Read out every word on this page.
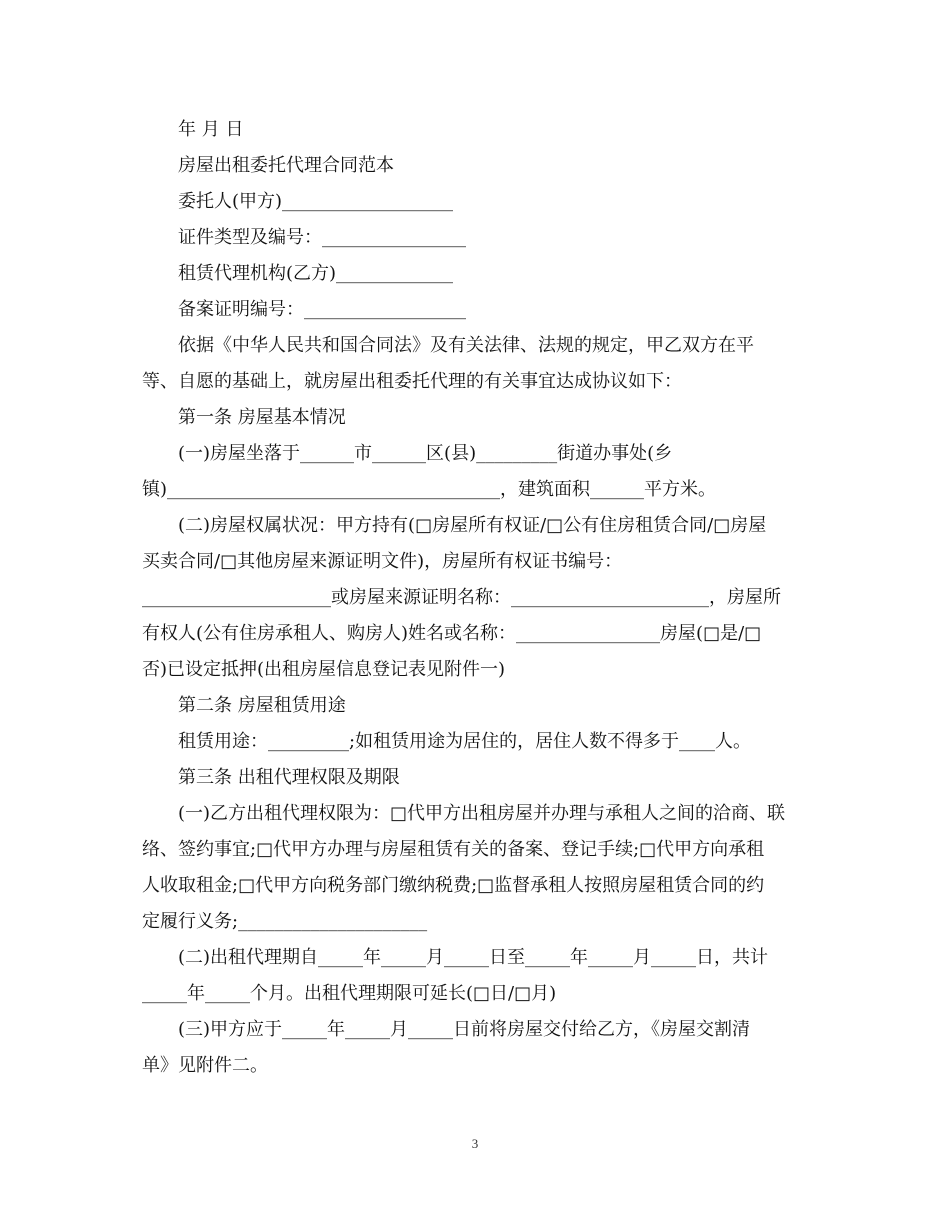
年 月 日

房屋出租委托代理合同范本

委托人(甲方)___________________

证件类型及编号：________________

租赁代理机构(乙方)_____________

备案证明编号：__________________

依据《中华人民共和国合同法》及有关法律、法规的规定，甲乙双方在平

等、自愿的基础上，就房屋出租委托代理的有关事宜达成协议如下：

第一条 房屋基本情况

(一)房屋坐落于______市______区(县)_________街道办事处(乡

镇)_____________________________________，建筑面积______平方米。

(二)房屋权属状况：甲方持有(□房屋所有权证/□公有住房租赁合同/□房屋

买卖合同/□其他房屋来源证明文件)，房屋所有权证书编号：

_____________________或房屋来源证明名称：______________________，房屋所

有权人(公有住房承租人、购房人)姓名或名称：________________房屋(□是/□

否)已设定抵押(出租房屋信息登记表见附件一)

第二条 房屋租赁用途

租赁用途：_________;如租赁用途为居住的，居住人数不得多于____人。

第三条 出租代理权限及期限

(一)乙方出租代理权限为：□代甲方出租房屋并办理与承租人之间的洽商、联

络、签约事宜;□代甲方办理与房屋租赁有关的备案、登记手续;□代甲方向承租

人收取租金;□代甲方向税务部门缴纳税费;□监督承租人按照房屋租赁合同的约

定履行义务;_____________________

(二)出租代理期自_____年_____月_____日至_____年_____月_____日，共计

_____年_____个月。出租代理期限可延长(□日/□月)

(三)甲方应于_____年_____月_____日前将房屋交付给乙方，《房屋交割清

单》见附件二。

3
